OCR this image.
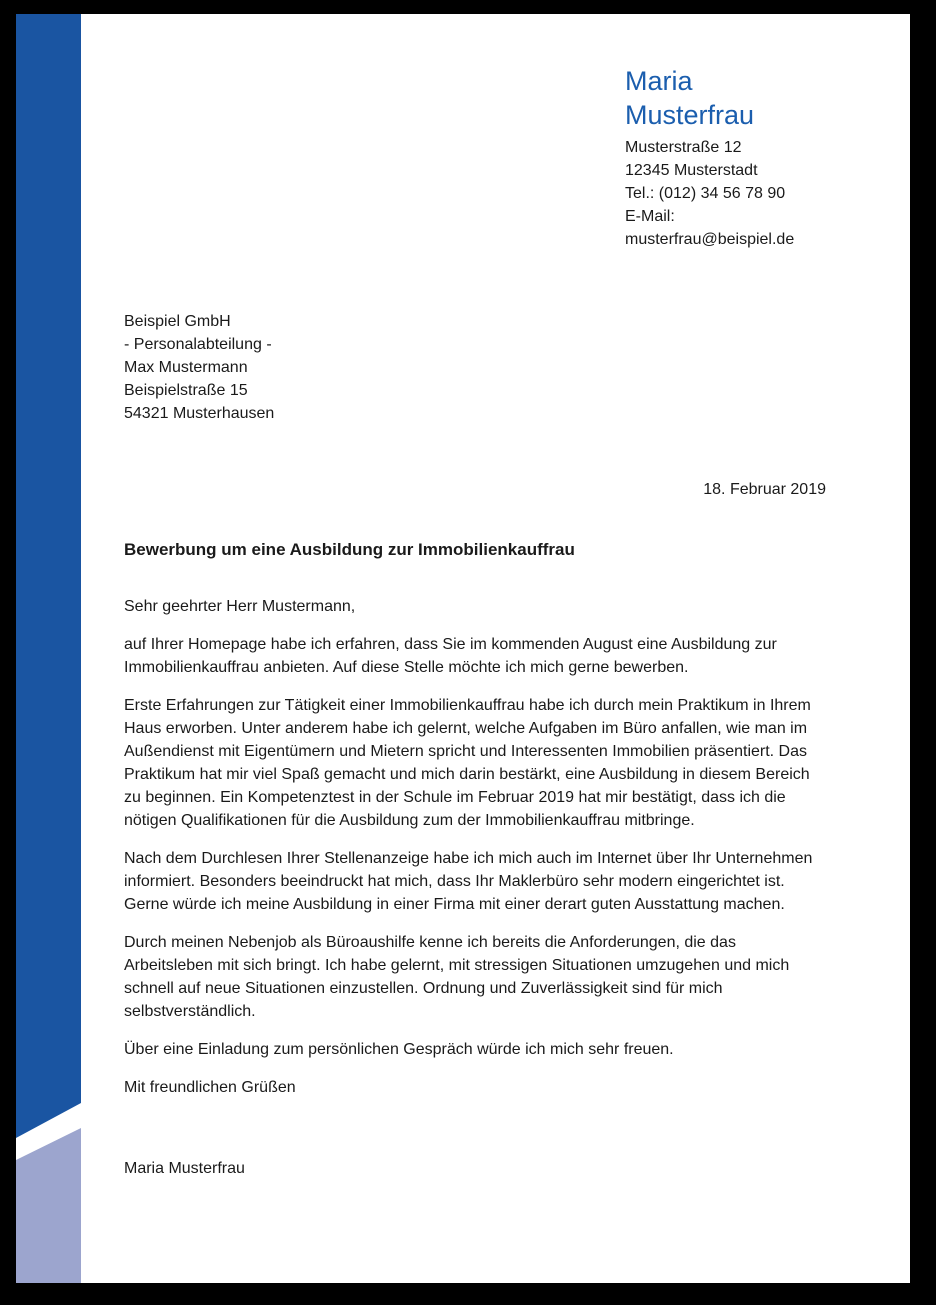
Maria Musterfrau

Musterstraße 12

12345 Musterstadt

Tel.: (012) 34 56 78 90

E-Mail: musterfrau@beispiel.de

Beispiel GmbH

- Personalabteilung -

Max Mustermann

Beispielstraße 15

54321 Musterhausen

18. Februar 2019
Bewerbung um eine Ausbildung zur Immobilienkauffrau

Sehr geehrter Herr Mustermann,

auf Ihrer Homepage habe ich erfahren, dass Sie im kommenden August eine Ausbildung zur Immobilienkauffrau anbieten. Auf diese Stelle möchte ich mich gerne bewerben.

Erste Erfahrungen zur Tätigkeit einer Immobilienkauffrau habe ich durch mein Praktikum in Ihrem Haus erworben. Unter anderem habe ich gelernt, welche Aufgaben im Büro anfallen, wie man im Außendienst mit Eigentümern und Mietern spricht und Interessenten Immobilien präsentiert. Das Praktikum hat mir viel Spaß gemacht und mich darin bestärkt, eine Ausbildung in diesem Bereich zu beginnen. Ein Kompetenztest in der Schule im Februar 2019 hat mir bestätigt, dass ich die nötigen Qualifikationen für die Ausbildung zum der Immobilienkauffrau mitbringe.

Nach dem Durchlesen Ihrer Stellenanzeige habe ich mich auch im Internet über Ihr Unternehmen informiert. Besonders beeindruckt hat mich, dass Ihr Maklerbüro sehr modern eingerichtet ist. Gerne würde ich meine Ausbildung in einer Firma mit einer derart guten Ausstattung machen.

Durch meinen Nebenjob als Büroaushilfe kenne ich bereits die Anforderungen, die das Arbeitsleben mit sich bringt. Ich habe gelernt, mit stressigen Situationen umzugehen und mich schnell auf neue Situationen einzustellen. Ordnung und Zuverlässigkeit sind für mich selbstverständlich.

Über eine Einladung zum persönlichen Gespräch würde ich mich sehr freuen.

Mit freundlichen Grüßen

Maria Musterfrau
